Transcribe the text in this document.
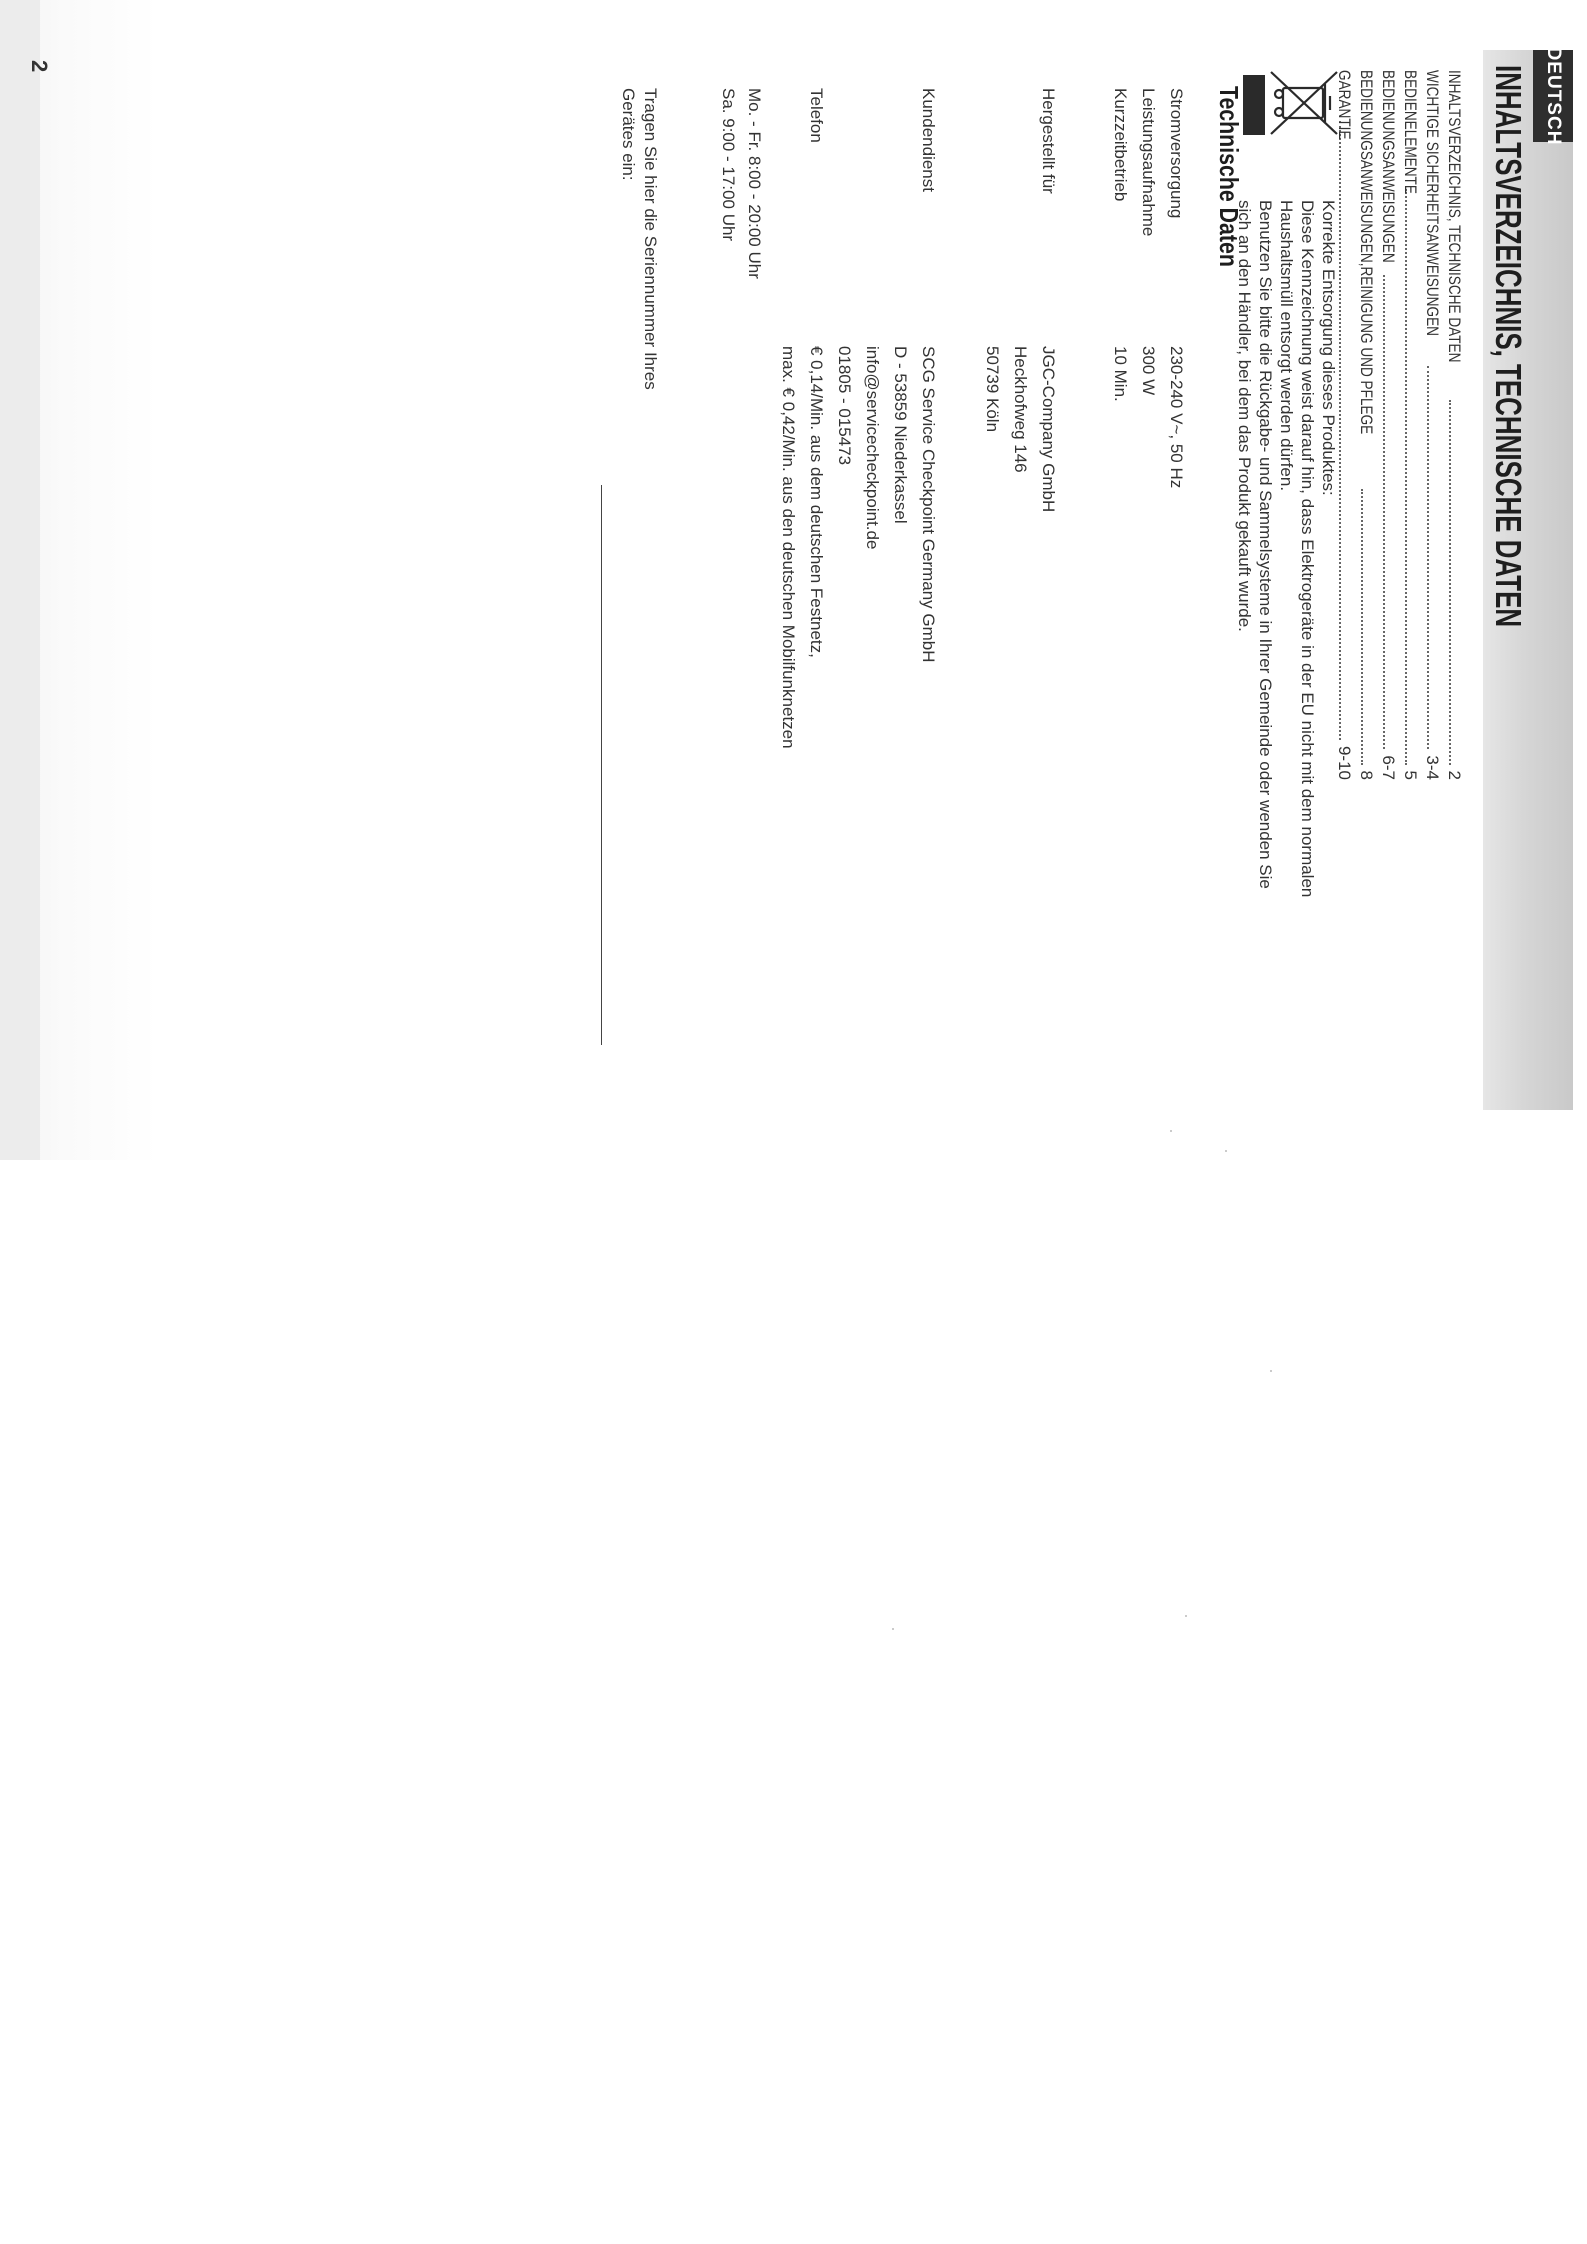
DEUTSCH
INHALTSVERZEICHNIS, TECHNISCHE DATEN
INHALTSVERZEICHNIS, TECHNISCHE DATEN
2
WICHTIGE SICHERHEITSANWEISUNGEN
3-4
BEDIENELEMENTE
5
BEDIENUNGSANWEISUNGEN
6-7
BEDIENUNGSANWEISUNGEN,REINIGUNG UND PFLEGE
8
GARANTIE
9-10

Korrekte Entsorgung dieses Produktes:

Diese Kennzeichnung weist darauf hin, dass Elektrogeräte in der EU nicht mit dem normalen

Haushaltsmüll entsorgt werden dürfen.

Benutzen Sie bitte die Rückgabe- und Sammelsysteme in Ihrer Gemeinde oder wenden Sie

sich an den Händler, bei dem das Produkt gekauft wurde.

Technische Daten
Stromversorgung
230-240 V~, 50 Hz
Leistungsaufnahme
300 W
Kurzzeitbetrieb
10 Min.
Hergestellt für
JGC-Company GmbH
Heckhofweg 146
50739 Köln
Kundendienst
SCG Service Checkpoint Germany GmbH
D - 53859 Niederkassel
info@servicecheckpoint.de
Telefon
01805 - 015473
€ 0,14/Min. aus dem deutschen Festnetz,
max. € 0,42/Min. aus den deutschen Mobilfunknetzen
Mo. - Fr. 8:00 - 20:00 Uhr
Sa. 9:00 - 17:00 Uhr
Tragen Sie hier die Seriennummer Ihres
Gerätes ein:
2
